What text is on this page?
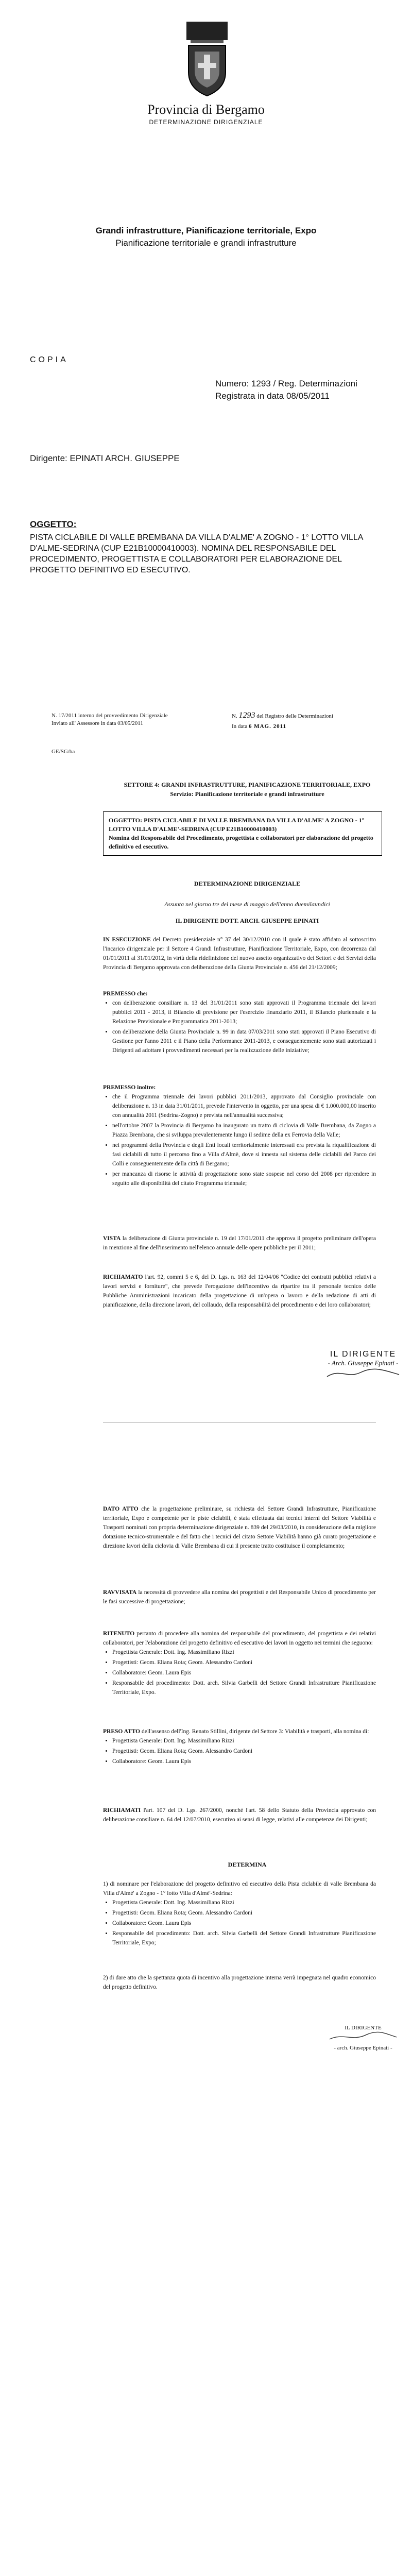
Provincia di Bergamo
DETERMINAZIONE DIRIGENZIALE
Grandi infrastrutture, Pianificazione territoriale, Expo
Pianificazione territoriale e grandi infrastrutture
COPIA
Numero: 1293 / Reg. Determinazioni
Registrata in data 08/05/2011
Dirigente: EPINATI ARCH. GIUSEPPE
OGGETTO:
PISTA CICLABILE DI VALLE BREMBANA DA VILLA D'ALME' A ZOGNO - 1° LOTTO VILLA D'ALME-SEDRINA (CUP E21B10000410003). NOMINA DEL RESPONSABILE DEL PROCEDIMENTO, PROGETTISTA E COLLABORATORI PER ELABORAZIONE DEL PROGETTO DEFINITIVO ED ESECUTIVO.
N. 17/2011 interno del provvedimento Dirigenziale
Inviato all' Assessore in data 03/05/2011
N. 1293 del Registro delle Determinazioni
In data 6 MAG. 2011
GE/SG/ba
SETTORE 4: GRANDI INFRASTRUTTURE, PIANIFICAZIONE TERRITORIALE, EXPO
Servizio: Pianificazione territoriale e grandi infrastrutture
OGGETTO: PISTA CICLABILE DI VALLE BREMBANA DA VILLA D'ALME' A ZOGNO - 1° LOTTO VILLA D'ALME'-SEDRINA (CUP E21B10000410003)
Nomina del Responsabile del Procedimento, progettista e collaboratori per elaborazione del progetto definitivo ed esecutivo.
DETERMINAZIONE DIRIGENZIALE
Assunta nel giorno tre del mese di maggio dell'anno duemilaundici
IL DIRIGENTE DOTT. ARCH. GIUSEPPE EPINATI
IN ESECUZIONE del Decreto presidenziale n° 37 del 30/12/2010 con il quale è stato affidato al sottoscritto l'incarico dirigenziale per il Settore 4 Grandi Infrastrutture, Pianificazione Territoriale, Expo, con decorrenza dal 01/01/2011 al 31/01/2012, in virtù della ridefinizione del nuovo assetto organizzativo dei Settori e dei Servizi della Provincia di Bergamo approvata con deliberazione della Giunta Provinciale n. 456 del 21/12/2009;
PREMESSO che:
• con deliberazione consiliare n. 13 del 31/01/2011 sono stati approvati il Programma triennale dei lavori pubblici 2011 - 2013, il Bilancio di previsione per l'esercizio finanziario 2011, il Bilancio pluriennale e la Relazione Previsionale e Programmatica 2011-2013;
• con deliberazione della Giunta Provinciale n. 99 in data 07/03/2011 sono stati approvati il Piano Esecutivo di Gestione per l'anno 2011 e il Piano della Performance 2011-2013, e conseguentemente sono stati autorizzati i Dirigenti ad adottare i provvedimenti necessari per la realizzazione delle iniziative;
PREMESSO inoltre:
• che il Programma triennale dei lavori pubblici 2011/2013, approvato dal Consiglio provinciale con deliberazione n. 13 in data 31/01/2011, prevede l'intervento in oggetto, per una spesa di € 1.000.000,00 inserito con annualità 2011 (Sedrina-Zogno) e prevista nell'annualità successiva;
• nell'ottobre 2007 la Provincia di Bergamo ha inaugurato un tratto di ciclovia di Valle Brembana, da Zogno a Piazza Brembana, che si sviluppa prevalentemente lungo il sedime della ex Ferrovia della Valle;
• nei programmi della Provincia e degli Enti locali territorialmente interessati era prevista la riqualificazione di fasi ciclabili di tutto il percorso fino a Villa d'Almè, dove si innesta sul sistema delle ciclabili del Parco dei Colli e conseguentemente della città di Bergamo;
• per mancanza di risorse le attività di progettazione sono state sospese nel corso del 2008 per riprendere in seguito alle disponibilità del citato Programma triennale;
VISTA la deliberazione di Giunta provinciale n. 19 del 17/01/2011 che approva il progetto preliminare dell'opera in menzione al fine dell'inserimento nell'elenco annuale delle opere pubbliche per il 2011;
RICHIAMATO l'art. 92, commi 5 e 6, del D. Lgs. n. 163 del 12/04/06 "Codice dei contratti pubblici relativi a lavori servizi e forniture", che prevede l'erogazione dell'incentivo da ripartire tra il personale tecnico delle Pubbliche Amministrazioni incaricato della progettazione di un'opera o lavoro e della redazione di atti di pianificazione, della direzione lavori, del collaudo, della responsabilità del procedimento e dei loro collaboratori;
IL DIRIGENTE
- Arch. Giuseppe Epinati -
DATO ATTO che la progettazione preliminare, su richiesta del Settore Grandi Infrastrutture, Pianificazione territoriale, Expo e competente per le piste ciclabili, è stata effettuata dai tecnici interni del Settore Viabilità e Trasporti nominati con propria determinazione dirigenziale n. 839 del 29/03/2010, in considerazione della migliore dotazione tecnico-strumentale e del fatto che i tecnici del citato Settore Viabilità hanno già curato progettazione e direzione lavori della ciclovia di Valle Brembana di cui il presente tratto costituisce il completamento;
RAVVISATA la necessità di provvedere alla nomina dei progettisti e del Responsabile Unico di procedimento per le fasi successive di progettazione;
RITENUTO pertanto di procedere alla nomina del responsabile del procedimento, del progettista e dei relativi collaboratori, per l'elaborazione del progetto definitivo ed esecutivo dei lavori in oggetto nei termini che seguono:
• Progettista Generale: Dott. Ing. Massimiliano Rizzi
• Progettisti: Geom. Eliana Rota; Geom. Alessandro Cardoni
• Collaboratore: Geom. Laura Epis
• Responsabile del procedimento: Dott. arch. Silvia Garbelli del Settore Grandi Infrastrutture Pianificazione Territoriale, Expo.
PRESO ATTO dell'assenso dell'Ing. Renato Stillini, dirigente del Settore 3: Viabilità e trasporti, alla nomina di:
• Progettista Generale: Dott. Ing. Massimiliano Rizzi
• Progettisti: Geom. Eliana Rota; Geom. Alessandro Cardoni
• Collaboratore: Geom. Laura Epis
RICHIAMATI l'art. 107 del D. Lgs. 267/2000, nonché l'art. 58 dello Statuto della Provincia approvato con deliberazione consiliare n. 64 del 12/07/2010, esecutivo ai sensi di legge, relativi alle competenze dei Dirigenti;
DETERMINA
1) di nominare per l'elaborazione del progetto definitivo ed esecutivo della Pista ciclabile di valle Brembana da Villa d'Almè' a Zogno - 1° lotto Villa d'Almè'-Sedrina:
• Progettista Generale: Dott. Ing. Massimiliano Rizzi
• Progettisti: Geom. Eliana Rota; Geom. Alessandro Cardoni
• Collaboratore: Geom. Laura Epis
• Responsabile del procedimento: Dott. arch. Silvia Garbelli del Settore Grandi Infrastrutture Pianificazione Territoriale, Expo;
2) di dare atto che la spettanza quota di incentivo alla progettazione interna verrà impegnata nel quadro economico del progetto definitivo.
IL DIRIGENTE
- arch. Giuseppe Epinati -
